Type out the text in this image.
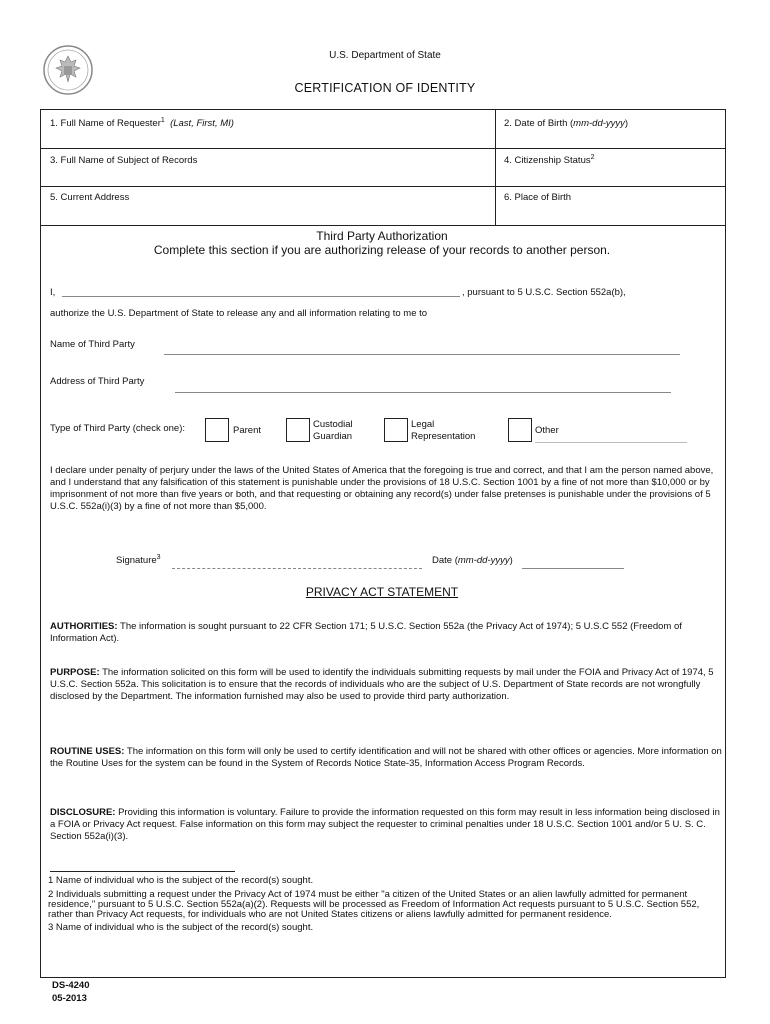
U.S. Department of State
CERTIFICATION OF IDENTITY
1. Full Name of Requester$^1$ (Last, First, MI)	2. Date of Birth (mm-dd-yyyy)
3. Full Name of Subject of Records	4. Citizenship Status$^2$
5. Current Address	6. Place of Birth
Third Party Authorization
Complete this section if you are authorizing release of your records to another person.
I,	, pursuant to 5 U.S.C. Section 552a(b),
authorize the U.S. Department of State to release any and all information relating to me to
Name of Third Party
Address of Third Party
Type of Third Party (check one):	Parent
Custodial
Guardian
Legal
Representation
Other
I declare under penalty of perjury under the laws of the United States of America that the foregoing is true and correct, and that I am the person named above, and I understand that any falsification of this statement is punishable under the provisions of 18 U.S.C. Section 1001 by a fine of not more than $10,000 or by imprisonment of not more than five years or both, and that requesting or obtaining any record(s) under false pretenses is punishable under the provisions of 5 U.S.C. 552a(i)(3) by a fine of not more than $5,000.
Signature$^3$	Date (mm-dd-yyyy)
PRIVACY ACT STATEMENT
AUTHORITIES: The information is sought pursuant to 22 CFR Section 171; 5 U.S.C. Section 552a (the Privacy Act of 1974); 5 U.S.C 552 (Freedom of Information Act).
PURPOSE: The information solicited on this form will be used to identify the individuals submitting requests by mail under the FOIA and Privacy Act of 1974, 5 U.S.C. Section 552a. This solicitation is to ensure that the records of individuals who are the subject of U.S. Department of State records are not wrongfully disclosed by the Department. The information furnished may also be used to provide third party authorization.
ROUTINE USES: The information on this form will only be used to certify identification and will not be shared with other offices or agencies. More information on the Routine Uses for the system can be found in the System of Records Notice State-35, Information Access Program Records.
DISCLOSURE: Providing this information is voluntary. Failure to provide the information requested on this form may result in less information being disclosed in a FOIA or Privacy Act request. False information on this form may subject the requester to criminal penalties under 18 U.S.C. Section 1001 and/or 5 U. S. C. Section 552a(i)(3).
1 Name of individual who is the subject of the record(s) sought.
2 Individuals submitting a request under the Privacy Act of 1974 must be either "a citizen of the United States or an alien lawfully admitted for permanent residence," pursuant to 5 U.S.C. Section 552a(a)(2). Requests will be processed as Freedom of Information Act requests pursuant to 5 U.S.C. Section 552, rather than Privacy Act requests, for individuals who are not United States citizens or aliens lawfully admitted for permanent residence.
3 Name of individual who is the subject of the record(s) sought.
DS-4240
05-2013
